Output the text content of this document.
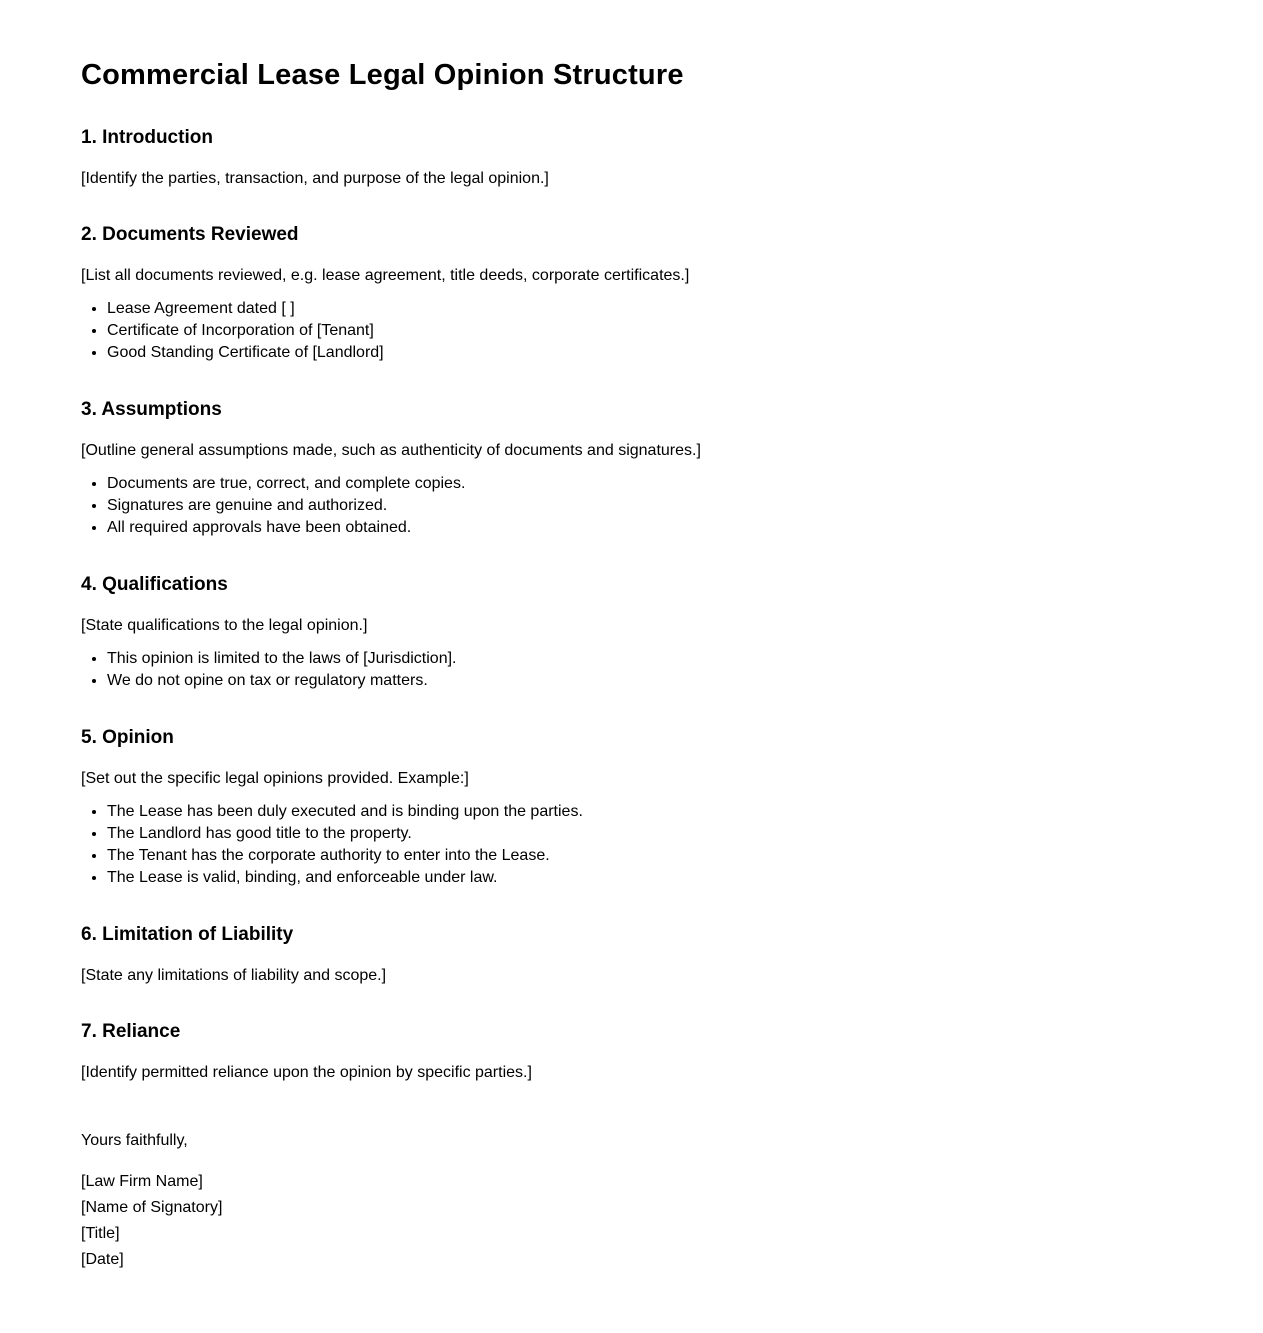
Commercial Lease Legal Opinion Structure
1. Introduction

[Identify the parties, transaction, and purpose of the legal opinion.]

2. Documents Reviewed

[List all documents reviewed, e.g. lease agreement, title deeds, corporate certificates.]

• Lease Agreement dated [ ]
• Certificate of Incorporation of [Tenant]
• Good Standing Certificate of [Landlord]
3. Assumptions

[Outline general assumptions made, such as authenticity of documents and signatures.]

• Documents are true, correct, and complete copies.
• Signatures are genuine and authorized.
• All required approvals have been obtained.
4. Qualifications

[State qualifications to the legal opinion.]

• This opinion is limited to the laws of [Jurisdiction].
• We do not opine on tax or regulatory matters.
5. Opinion

[Set out the specific legal opinions provided. Example:]

• The Lease has been duly executed and is binding upon the parties.
• The Landlord has good title to the property.
• The Tenant has the corporate authority to enter into the Lease.
• The Lease is valid, binding, and enforceable under law.
6. Limitation of Liability

[State any limitations of liability and scope.]

7. Reliance

[Identify permitted reliance upon the opinion by specific parties.]

Yours faithfully,

[Law Firm Name]
[Name of Signatory]
[Title]
[Date]
